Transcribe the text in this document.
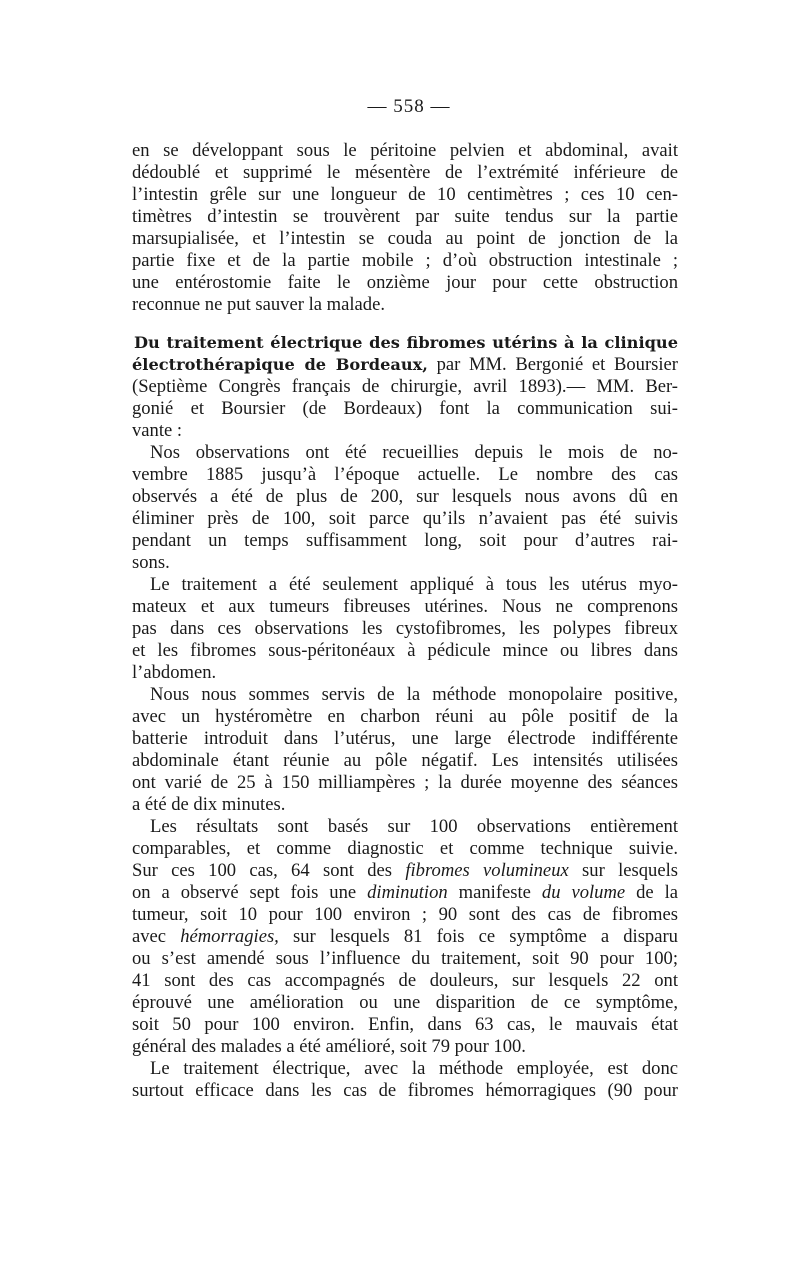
— 558 —
en se développant sous le péritoine pelvien et abdominal, avait
dédoublé et supprimé le mésentère de l’extrémité inférieure de
l’intestin grêle sur une longueur de 10 centimètres ; ces 10 cen-
timètres d’intestin se trouvèrent par suite tendus sur la partie
marsupialisée, et l’intestin se couda au point de jonction de la
partie fixe et de la partie mobile ; d’où obstruction intestinale ;
une entérostomie faite le onzième jour pour cette obstruction
reconnue ne put sauver la malade.
Du traitement électrique des fibromes utérins à la clinique
électrothérapique de Bordeaux, par MM. Bergonié et Boursier
(Septième Congrès français de chirurgie, avril 1893).— MM. Ber-
gonié et Boursier (de Bordeaux) font la communication sui-
vante :
Nos observations ont été recueillies depuis le mois de no-
vembre 1885 jusqu’à l’époque actuelle. Le nombre des cas
observés a été de plus de 200, sur lesquels nous avons dû en
éliminer près de 100, soit parce qu’ils n’avaient pas été suivis
pendant un temps suffisamment long, soit pour d’autres rai-
sons.
Le traitement a été seulement appliqué à tous les utérus myo-
mateux et aux tumeurs fibreuses utérines. Nous ne comprenons
pas dans ces observations les cystofibromes, les polypes fibreux
et les fibromes sous-péritonéaux à pédicule mince ou libres dans
l’abdomen.
Nous nous sommes servis de la méthode monopolaire positive,
avec un hystéromètre en charbon réuni au pôle positif de la
batterie introduit dans l’utérus, une large électrode indifférente
abdominale étant réunie au pôle négatif. Les intensités utilisées
ont varié de 25 à 150 milliampères ; la durée moyenne des séances
a été de dix minutes.
Les résultats sont basés sur 100 observations entièrement
comparables, et comme diagnostic et comme technique suivie.
Sur ces 100 cas, 64 sont des fibromes volumineux sur lesquels
on a observé sept fois une diminution manifeste du volume de la
tumeur, soit 10 pour 100 environ ; 90 sont des cas de fibromes
avec hémorragies, sur lesquels 81 fois ce symptôme a disparu
ou s’est amendé sous l’influence du traitement, soit 90 pour 100;
41 sont des cas accompagnés de douleurs, sur lesquels 22 ont
éprouvé une amélioration ou une disparition de ce symptôme,
soit 50 pour 100 environ. Enfin, dans 63 cas, le mauvais état
général des malades a été amélioré, soit 79 pour 100.
Le traitement électrique, avec la méthode employée, est donc
surtout efficace dans les cas de fibromes hémorragiques (90 pour
